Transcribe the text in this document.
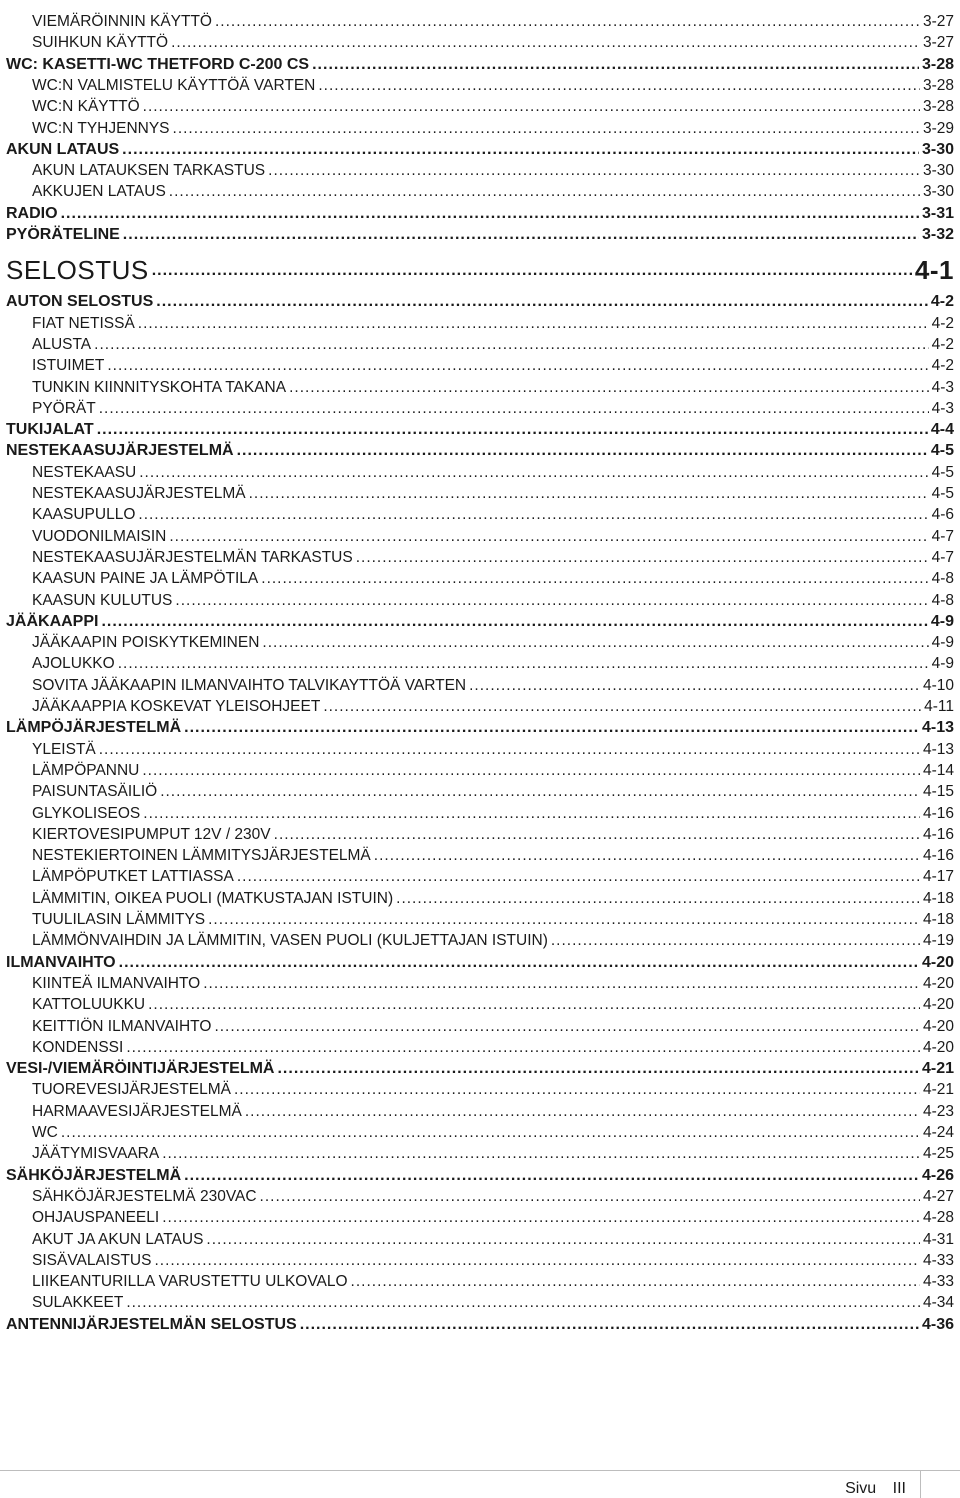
VIEMÄRÖINNIN KÄYTTÖ .....	3-27
SUIHKUN KÄYTTÖ .....	3-27
WC: KASETTI-WC THETFORD C-200 CS .....	3-28
WC:N VALMISTELU KÄYTTÖÄ VARTEN .....	3-28
WC:N KÄYTTÖ .....	3-28
WC:N TYHJENNYS .....	3-29
AKUN LATAUS .....	3-30
AKUN LATAUKSEN TARKASTUS .....	3-30
AKKUJEN LATAUS .....	3-30
RADIO .....	3-31
PYÖRÄTELINE .....	3-32
SELOSTUS .....	4-1
AUTON SELOSTUS .....	4-2
FIAT NETISSÄ .....	4-2
ALUSTA .....	4-2
ISTUIMET .....	4-2
TUNKIN KIINNITYSKOHTA TAKANA .....	4-3
PYÖRÄT .....	4-3
TUKIJALAT .....	4-4
NESTEKAASUJÄRJESTELMÄ .....	4-5
NESTEKAASU .....	4-5
NESTEKAASUJÄRJESTELMÄ .....	4-5
KAASUPULLO .....	4-6
VUODONILMAISIN .....	4-7
NESTEKAASUJÄRJESTELMÄN TARKASTUS .....	4-7
KAASUN PAINE JA LÄMPÖTILA .....	4-8
KAASUN KULUTUS .....	4-8
JÄÄKAAPPI .....	4-9
JÄÄKAAPIN POISKYTKEMINEN .....	4-9
AJOLUKKO .....	4-9
SOVITA JÄÄKAAPIN ILMANVAIHTO TALVIKAYTTÖÄ VARTEN .....	4-10
JÄÄKAAPPIA KOSKEVAT YLEISOHJEET .....	4-11
LÄMPÖJÄRJESTELMÄ .....	4-13
YLEISTÄ .....	4-13
LÄMPÖPANNU .....	4-14
PAISUNTASÄILIÖ .....	4-15
GLYKOLISEOS .....	4-16
KIERTOVESIPUMPUT 12V / 230V .....	4-16
NESTEKIERTOINEN LÄMMITYSJÄRJESTELMÄ .....	4-16
LÄMPÖPUTKET LATTIASSA .....	4-17
LÄMMITIN, OIKEA PUOLI (MATKUSTAJAN ISTUIN) .....	4-18
TUULILASIN LÄMMITYS .....	4-18
LÄMMÖNVAIHDIN JA LÄMMITIN, VASEN PUOLI (KULJETTAJAN ISTUIN) .....	4-19
ILMANVAIHTO .....	4-20
KIINTEÄ ILMANVAIHTO .....	4-20
KATTOLUUKKU .....	4-20
KEITTIÖN ILMANVAIHTO .....	4-20
KONDENSSI .....	4-20
VESI-/VIEMÄRÖINTIJÄRJESTELMÄ .....	4-21
TUOREVESIJÄRJESTELMÄ .....	4-21
HARMAAVESIJÄRJESTELMÄ .....	4-23
WC .....	4-24
JÄÄTYMISVAARA .....	4-25
SÄHKÖJÄRJESTELMÄ .....	4-26
SÄHKÖJÄRJESTELMÄ 230VAC .....	4-27
OHJAUSPANEELI .....	4-28
AKUT JA AKUN LATAUS .....	4-31
SISÄVALAISTUS .....	4-33
LIIKEANTURILLA VARUSTETTU ULKOVALO .....	4-33
SULAKKEET .....	4-34
ANTENNIJÄRJESTELMÄN SELOSTUS .....	4-36
Sivu III
